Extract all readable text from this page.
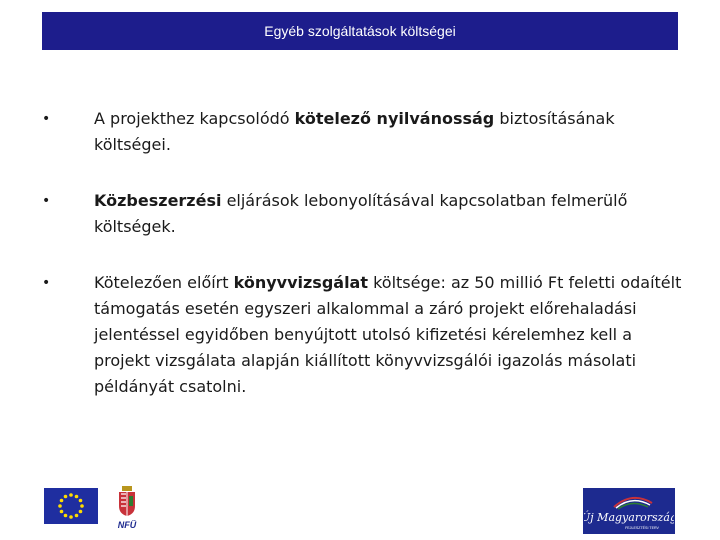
Egyéb szolgáltatások költségei
•	A projekthez kapcsolódó kötelező nyilvánosság biztosításának költségei.
•	Közbeszerzési eljárások lebonyolításával kapcsolatban felmerülő költségek.
•	Kötelezően előírt könyvvizsgálat költsége: az 50 millió Ft feletti odaítélt támogatás esetén egyszeri alkalommal a záró projekt előrehaladási jelentéssel egyidőben benyújtott utolsó kifizetési kérelemhez kell a projekt vizsgálata alapján kiállított könyvvizsgálói igazolás másolati példányát csatolni.
NFÜ
Új Magyarország
FEJLESZTÉSI TERV
